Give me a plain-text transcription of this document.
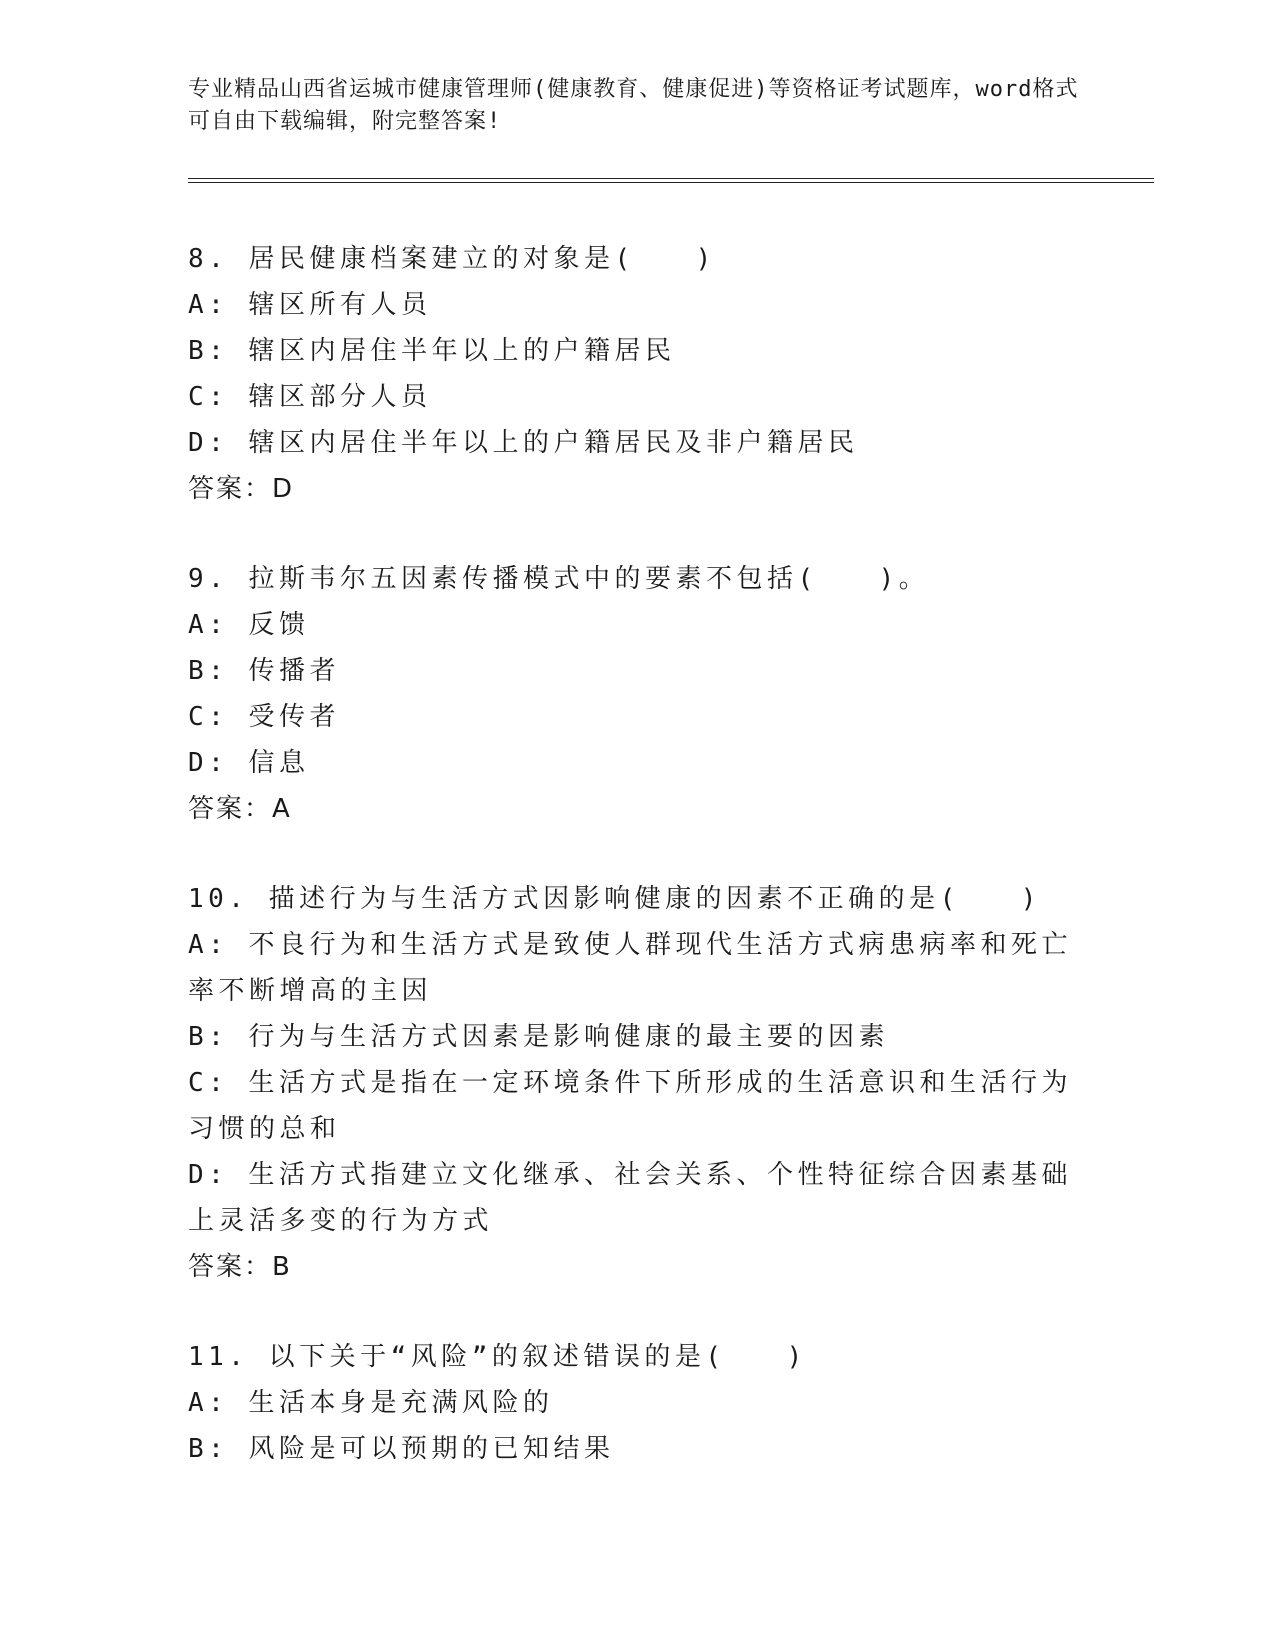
专业精品山西省运城市健康管理师(健康教育、健康促进)等资格证考试题库，word格式可自由下载编辑，附完整答案!
8. 居民健康档案建立的对象是(　　)
A: 辖区所有人员
B: 辖区内居住半年以上的户籍居民
C: 辖区部分人员
D: 辖区内居住半年以上的户籍居民及非户籍居民
答案：D
9. 拉斯韦尔五因素传播模式中的要素不包括(　　)。
A: 反馈
B: 传播者
C: 受传者
D: 信息
答案：A
10. 描述行为与生活方式因影响健康的因素不正确的是(　　)
A: 不良行为和生活方式是致使人群现代生活方式病患病率和死亡率不断增高的主因
B: 行为与生活方式因素是影响健康的最主要的因素
C: 生活方式是指在一定环境条件下所形成的生活意识和生活行为习惯的总和
D: 生活方式指建立文化继承、社会关系、个性特征综合因素基础上灵活多变的行为方式
答案：B
11. 以下关于“风险”的叙述错误的是(　　)
A: 生活本身是充满风险的
B: 风险是可以预期的已知结果
